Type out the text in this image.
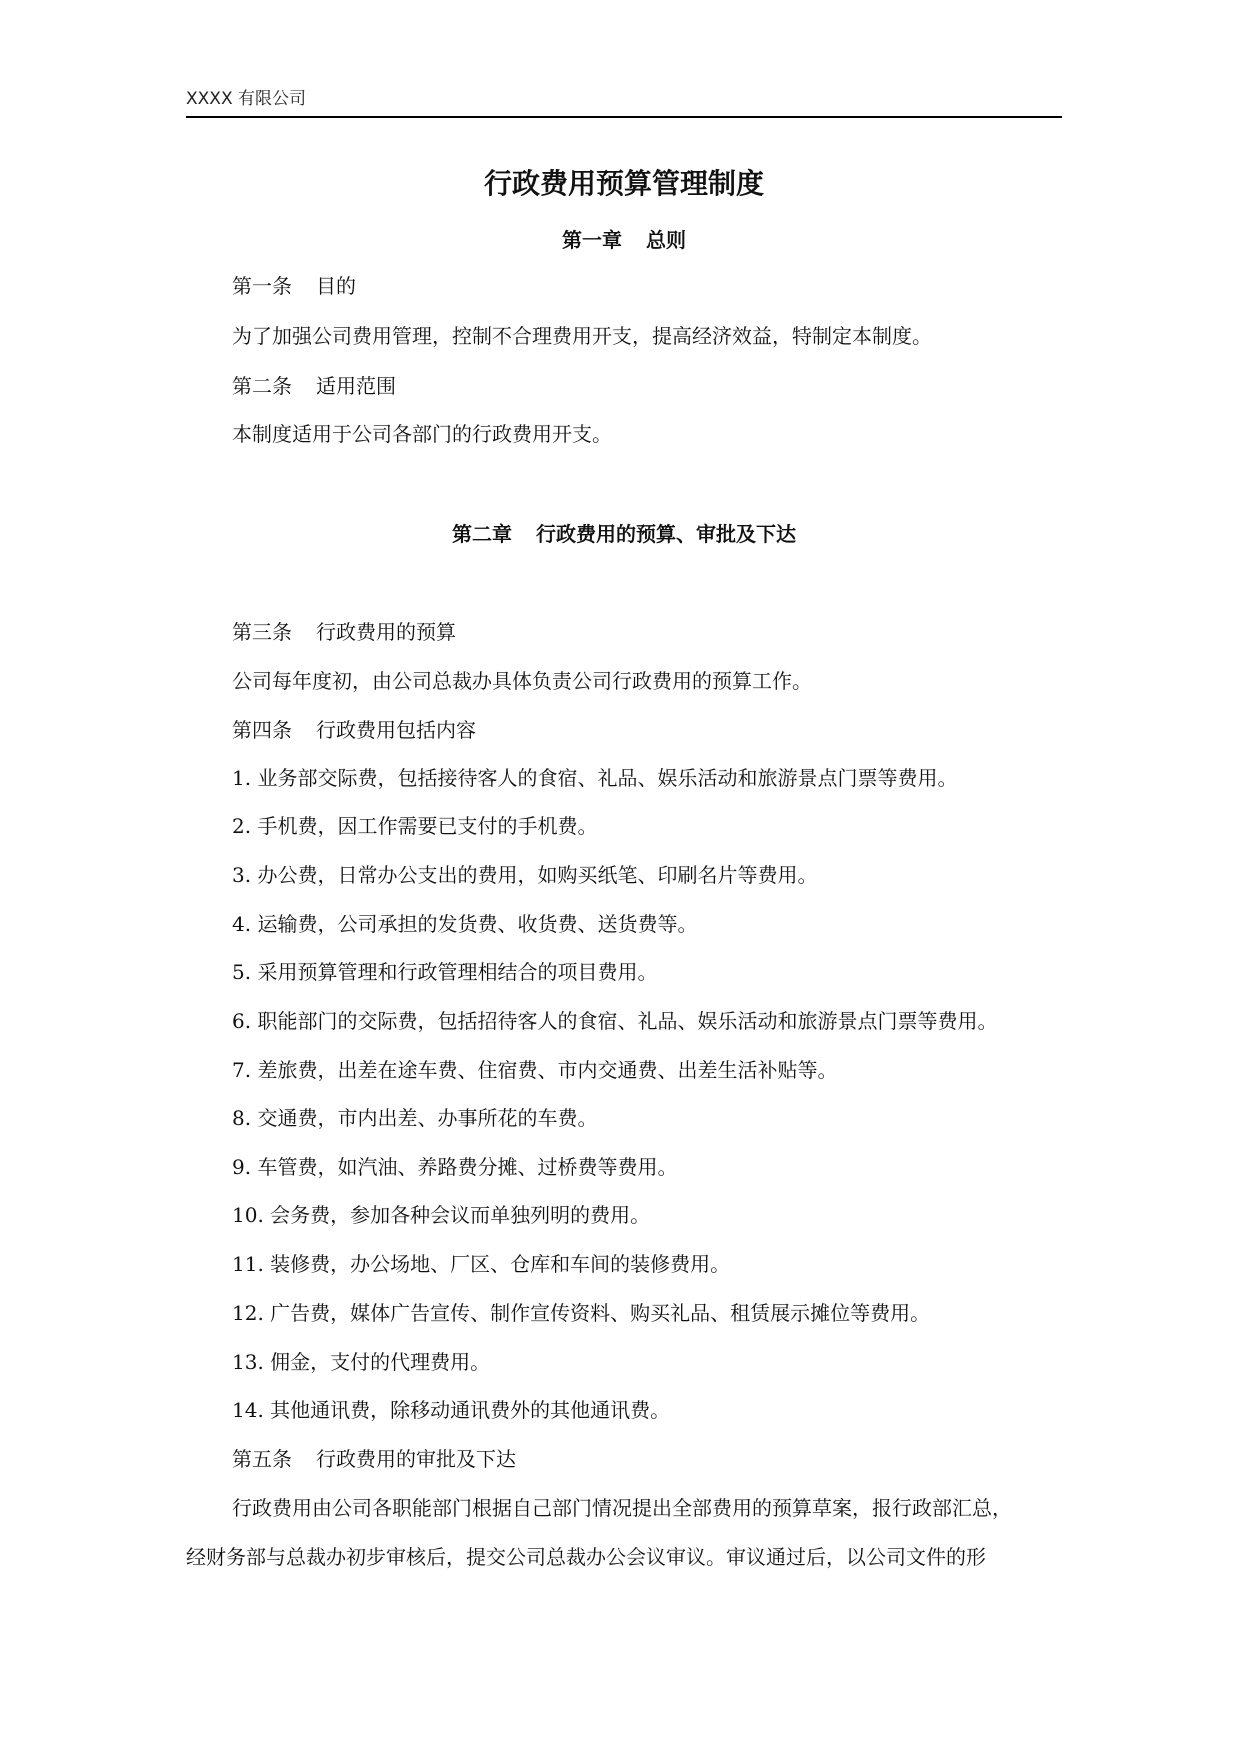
XXXX 有限公司
行政费用预算管理制度
第一章 总则
第一条 目的
为了加强公司费用管理，控制不合理费用开支，提高经济效益，特制定本制度。
第二条 适用范围
本制度适用于公司各部门的行政费用开支。
第二章 行政费用的预算、审批及下达
第三条 行政费用的预算
公司每年度初，由公司总裁办具体负责公司行政费用的预算工作。
第四条 行政费用包括内容
1. 业务部交际费，包括接待客人的食宿、礼品、娱乐活动和旅游景点门票等费用。
2. 手机费，因工作需要已支付的手机费。
3. 办公费，日常办公支出的费用，如购买纸笔、印刷名片等费用。
4. 运输费，公司承担的发货费、收货费、送货费等。
5. 采用预算管理和行政管理相结合的项目费用。
6. 职能部门的交际费，包括招待客人的食宿、礼品、娱乐活动和旅游景点门票等费用。
7. 差旅费，出差在途车费、住宿费、市内交通费、出差生活补贴等。
8. 交通费，市内出差、办事所花的车费。
9. 车管费，如汽油、养路费分摊、过桥费等费用。
10. 会务费，参加各种会议而单独列明的费用。
11. 装修费，办公场地、厂区、仓库和车间的装修费用。
12. 广告费，媒体广告宣传、制作宣传资料、购买礼品、租赁展示摊位等费用。
13. 佣金，支付的代理费用。
14. 其他通讯费，除移动通讯费外的其他通讯费。
第五条 行政费用的审批及下达
行政费用由公司各职能部门根据自己部门情况提出全部费用的预算草案，报行政部汇总，
经财务部与总裁办初步审核后，提交公司总裁办公会议审议。审议通过后，以公司文件的形
